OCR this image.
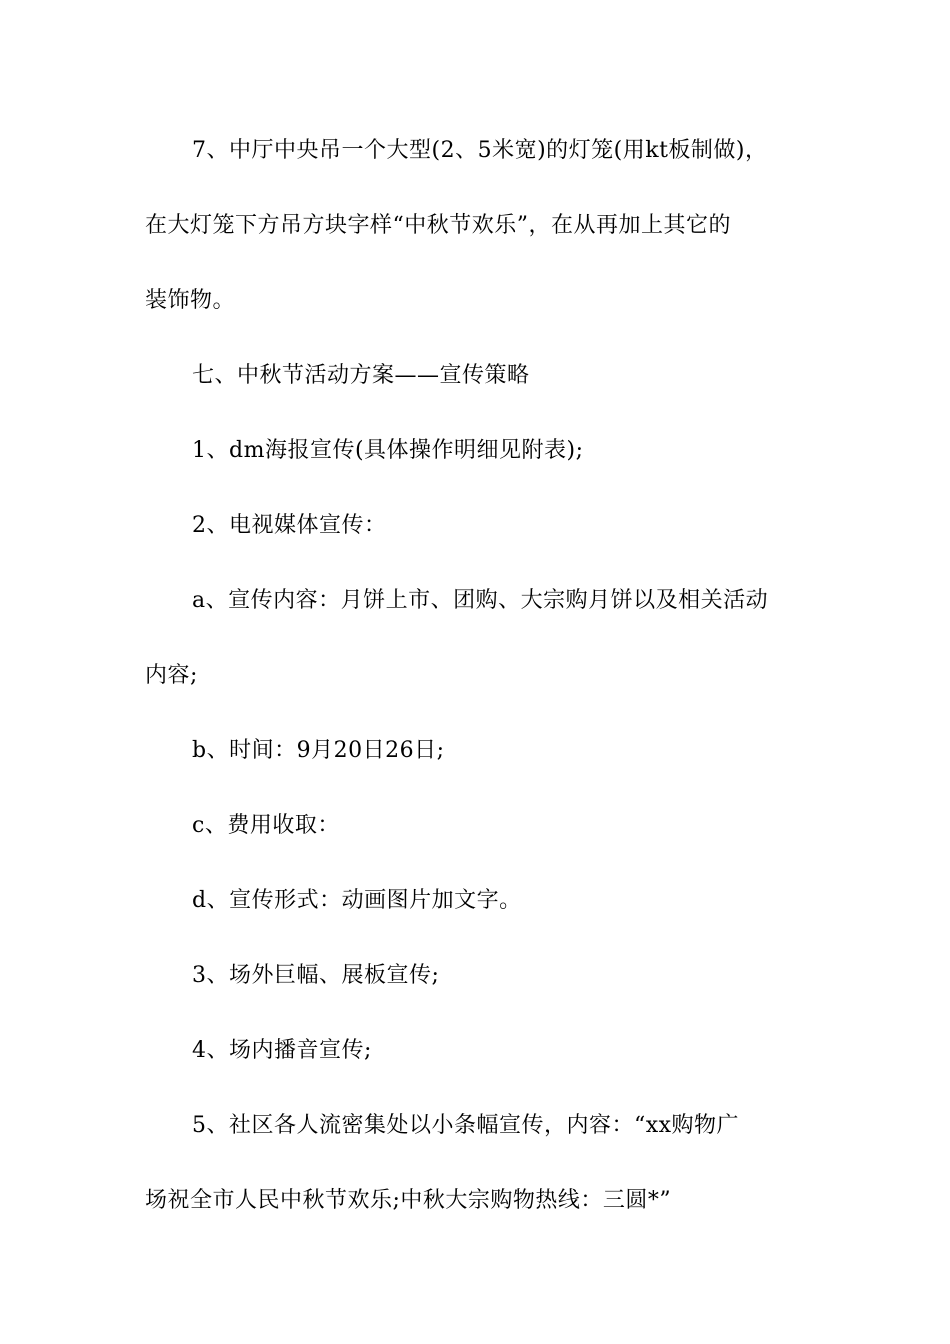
7、中厅中央吊一个大型(2、5米宽)的灯笼(用kt板制做)，
在大灯笼下方吊方块字样“中秋节欢乐”，在从再加上其它的
装饰物。
七、中秋节活动方案——宣传策略
1、dm海报宣传(具体操作明细见附表);
2、电视媒体宣传：
a、宣传内容：月饼上市、团购、大宗购月饼以及相关活动
内容;
b、时间：9月20日26日;
c、费用收取：
d、宣传形式：动画图片加文字。
3、场外巨幅、展板宣传;
4、场内播音宣传;
5、社区各人流密集处以小条幅宣传，内容：“xx购物广
场祝全市人民中秋节欢乐;中秋大宗购物热线：三圆*”
